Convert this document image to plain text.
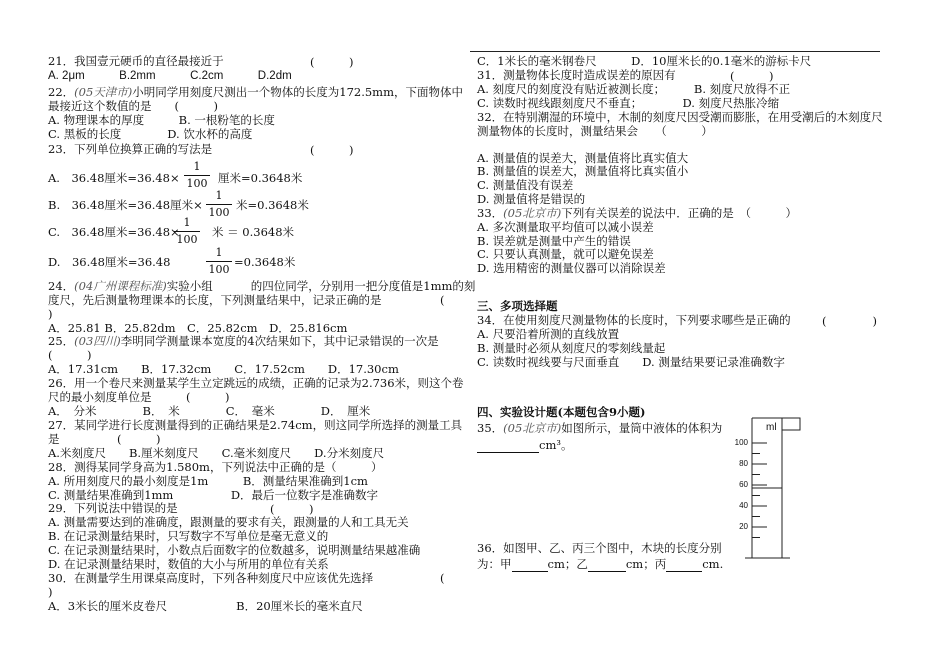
21．我国壹元硬币的直径最接近于	(　　　)
A. 2μm　　　B.2mm　　　C.2cm　　　D.2dm
22．(05天津市)小明同学用刻度尺测出一个物体的长度为172.5mm，下面物体中
最接近这个数值的是　　(　　　)
A. 物理课本的厚度　　　B. 一根粉笔的长度
C. 黑板的长度　　　　D. 饮水杯的高度
23．下列单位换算正确的写法是	(　　　)
A.　36.48厘米=36.48×
1
100 厘米=0.3648米
B.　36.48厘米=36.48厘米×
1
100
米=0.3648米
C.　36.48厘米=36.48×
1
100
米 ＝ 0.3648米
D.　36.48厘米=36.48
1
100
=0.3648米
24．(04广州课程标准)实验小组	的四位同学，分别用一把分度值是1mm的刻
度尺，先后测量物理课本的长度，下列测量结果中，记录正确的是	(
)
A．25.81 B．25.82dm　C．25.82cm　D．25.816cm
25．(03四川)李明同学测量课本宽度的4次结果如下，其中记录错误的一次是
(　　　)
A．17.31cm　　B．17.32cm　　C．17.52cm　　D．17.30cm
26．用一个卷尺来测量某学生立定跳远的成绩，正确的记录为2.736米，则这个卷
尺的最小刻度单位是　　　(　　　)
A．　分米　　　　B．　米　　　　C．　毫米　　　　D．　厘米
27．某同学进行长度测量得到的正确结果是2.74cm，则这同学所选择的测量工具
是　　　　　(　　　)
A.米刻度尺　　B.厘米刻度尺　　C.毫米刻度尺　　D.分米刻度尺
28．测得某同学身高为1.580m，下列说法中正确的是（　　　）
A. 所用刻度尺的最小刻度是1m　　　B．测量结果准确到1cm
C. 测量结果准确到1mm　　　　　D．最后一位数字是准确数字
29．下列说法中错误的是	(　　　)
A. 测量需要达到的准确度，跟测量的要求有关，跟测量的人和工具无关
B. 在记录测量结果时，只写数字不写单位是毫无意义的
C. 在记录测量结果时，小数点后面数字的位数越多，说明测量结果越准确
D. 在记录测量结果时，数值的大小与所用的单位有关系
30．在测量学生用课桌高度时，下列各种刻度尺中应该优先选择	(
)
A．3米长的厘米皮卷尺　　　　　　B．20厘米长的毫米直尺
C．1米长的毫米钢卷尺　　　D．10厘米长的0.1毫米的游标卡尺
31．测量物体长度时造成误差的原因有	(　　　)
A. 刻度尺的刻度没有贴近被测长度；　　　B. 刻度尺放得不正
C. 读数时视线跟刻度尺不垂直；　　　　D. 刻度尺热胀冷缩
32．在特别潮湿的环境中，木制的刻度尺因受潮而膨胀，在用受潮后的木刻度尺
测量物体的长度时，测量结果会　　（　　　）
A. 测量值的误差大，测量值将比真实值大
B. 测量值的误差大，测量值将比真实值小
C. 测量值没有误差
D. 测量值将是错误的
33．(05北京市)下列有关误差的说法中．正确的是　（　　　）
A. 多次测量取平均值可以减小误差
B. 误差就是测量中产生的错误
C. 只要认真测量，就可以避免误差
D. 选用精密的测量仪器可以消除误差
三、多项选择题
34．在使用刻度尺测量物体的长度时，下列要求哪些是正确的	(　　　　)
A. 尺要沿着所测的直线放置
B. 测量时必须从刻度尺的零刻线量起
C. 读数时视线要与尺面垂直　　D. 测量结果要记录准确数字
四、实验设计题(本题包含9小题)
35．(05北京市)如图所示，量筒中液体的体积为
cm³。
36．如图甲、乙、丙三个图中，木块的长度分别
为：甲	cm；乙	cm；丙	cm.
ml
100
80
60
40
20
